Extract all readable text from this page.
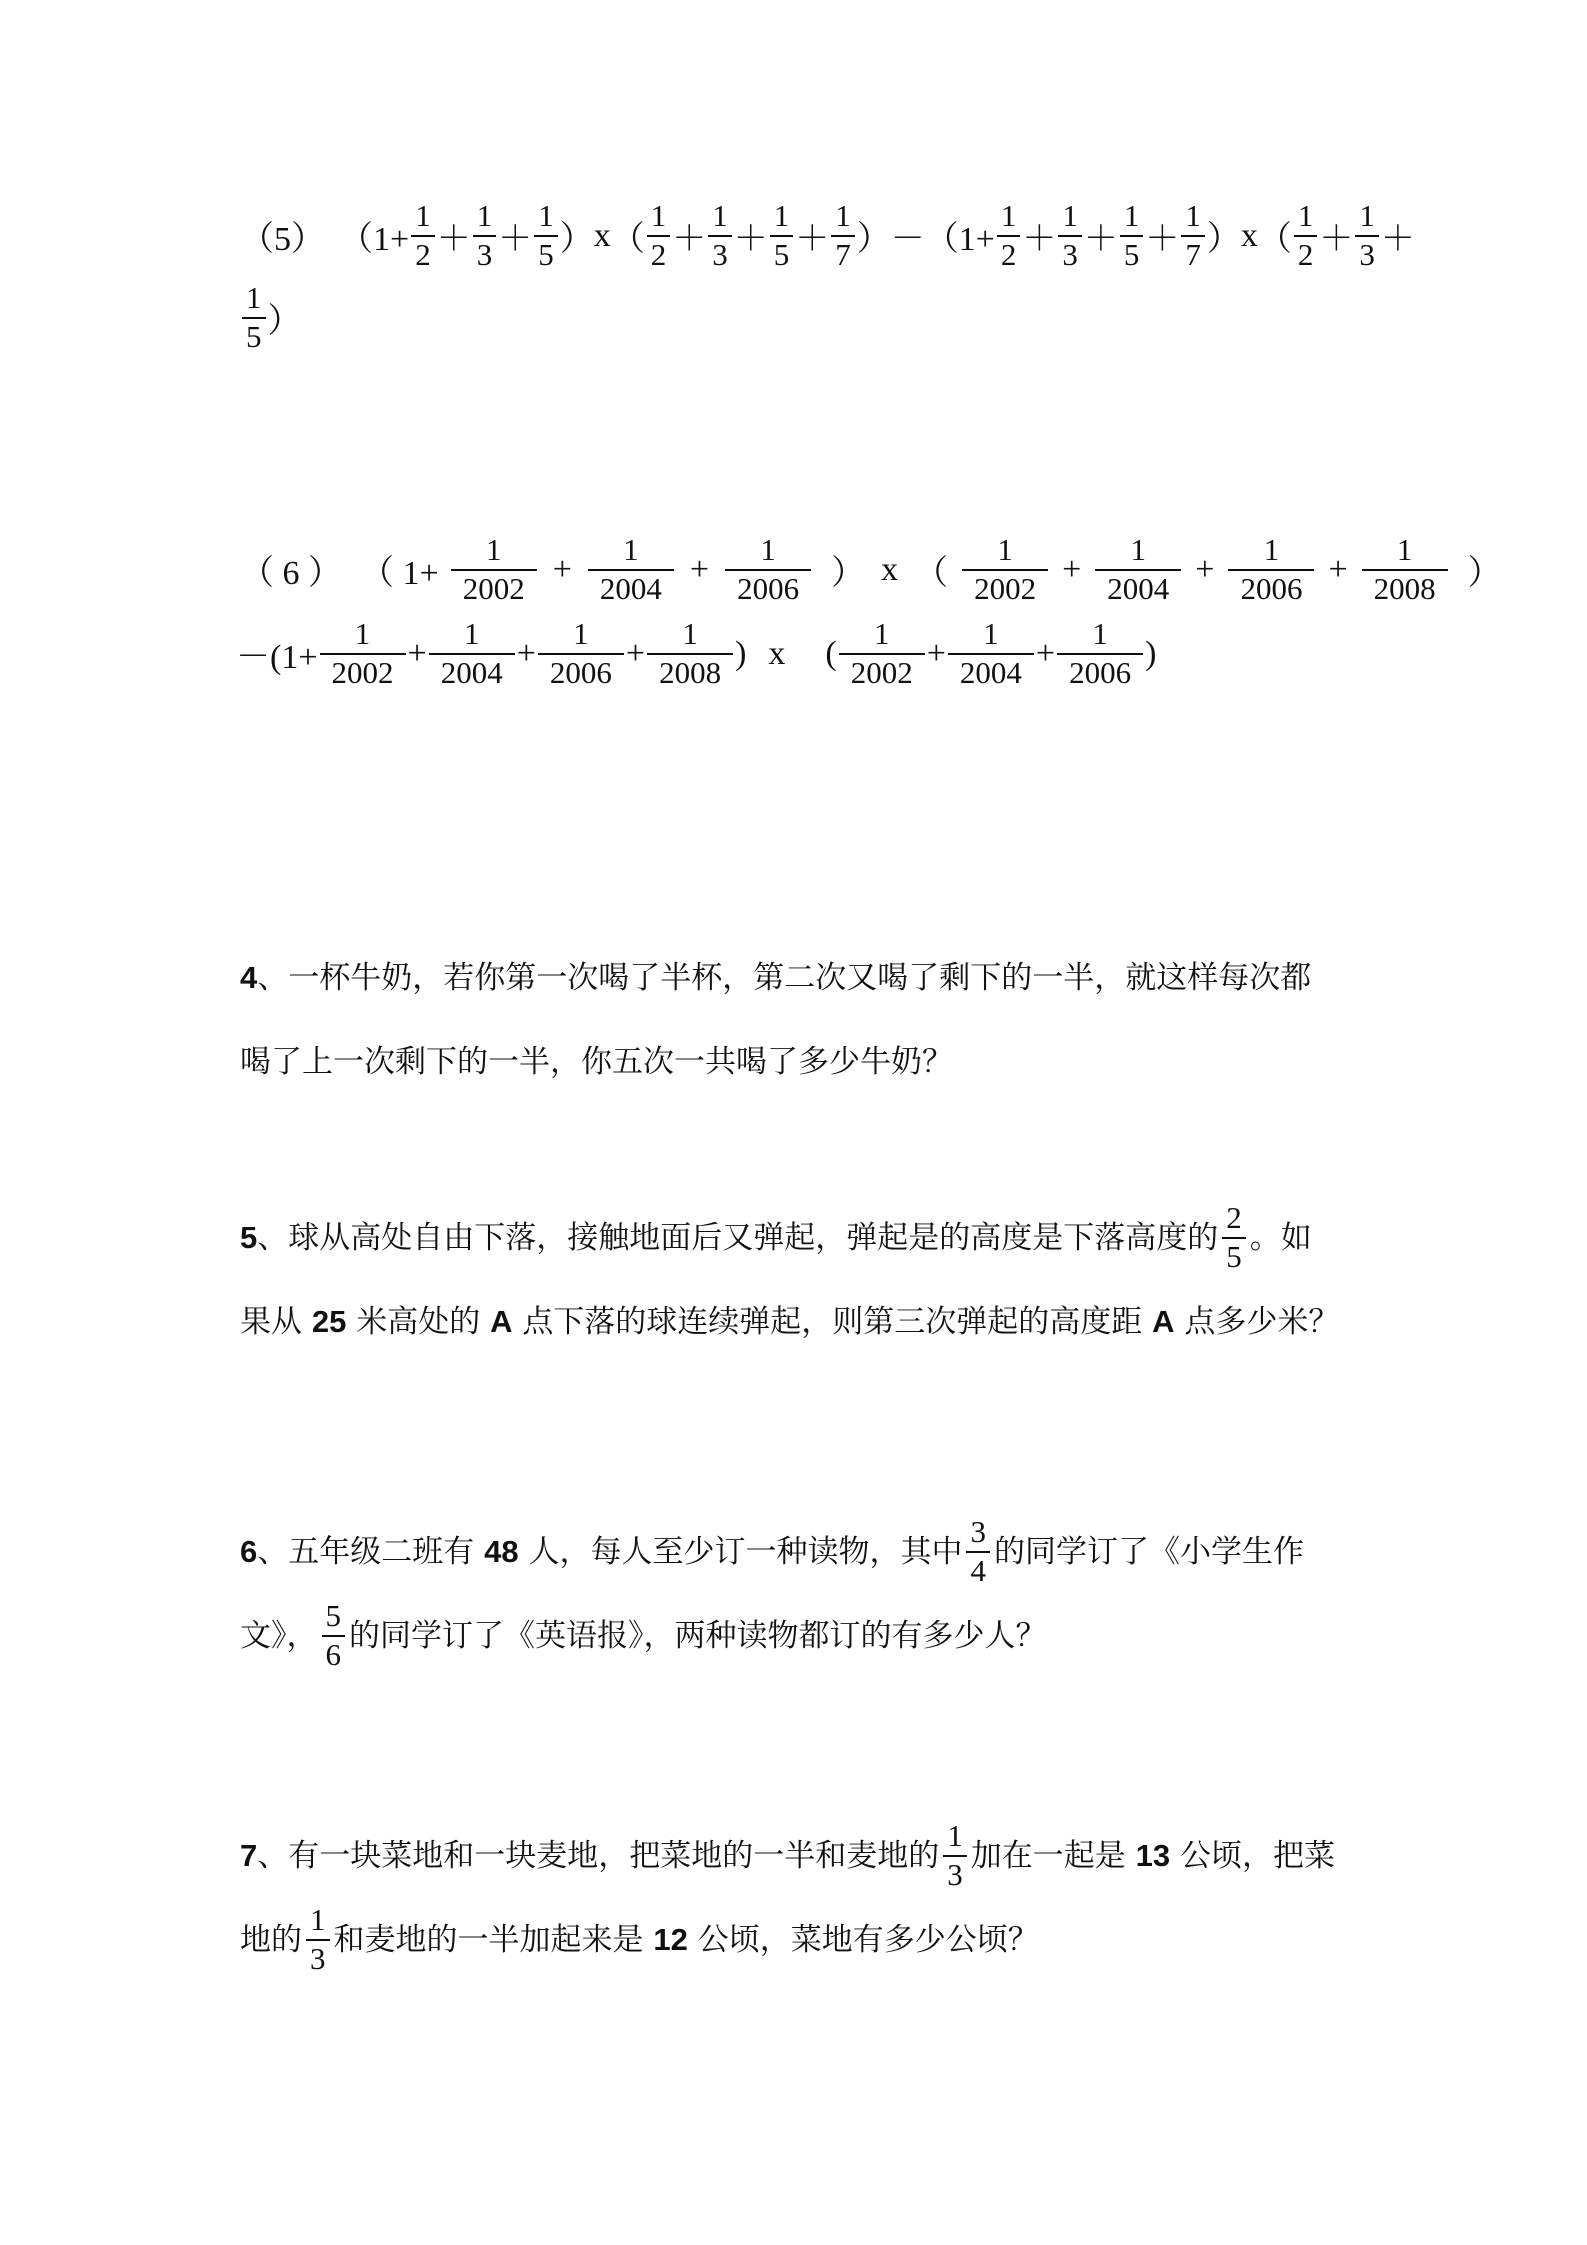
（5） （$1+ \frac{1}{2} + \frac{1}{3} + \frac{1}{5}$ ） x （ $\frac{1}{2} + \frac{1}{3} + \frac{1}{5} + \frac{1}{7}$ ） － （$1+ \frac{1}{2} + \frac{1}{3} + \frac{1}{5} + \frac{1}{7}$ ） x （ $\frac{1}{2} + \frac{1}{3}$ ＋
$\frac{1}{5}$ ）
（ 6 ） （ $1+ \frac{1}{2002} + \frac{1}{2004} + \frac{1}{2006}$ ） x （ $\frac{1}{2002} + \frac{1}{2004} + \frac{1}{2006} + \frac{1}{2008}$ ）
$-(1+ \frac{1}{2002} + \frac{1}{2004} + \frac{1}{2006} + \frac{1}{2008}$ ) x ( $\frac{1}{2002} + \frac{1}{2004} + \frac{1}{2006}$ )
4 、一杯牛奶，若你第一次喝了半杯，第二次又喝了剩下的一半，就这样每次都
喝了上一次剩下的一半，你五次一共喝了多少牛奶？
5 、球从高处自由下落，接触地面后又弹起，弹起是的高度是下落高度的 $\frac{2}{5}$ 。如
果从
25
米高处的
A
点下落的球连续弹起，则第三次弹起的高度距
A
点多少米？
6 、五年级二班有
48
人，每人至少订一种读物，其中 $\frac{3}{4}$ 的同学订了《小学生作
文》， $\frac{5}{6}$ 的同学订了《英语报》，两种读物都订的有多少人？
7 、有一块菜地和一块麦地，把菜地的一半和麦地的 $\frac{1}{3}$ 加在一起是
13
公顷，把菜
地的 $\frac{1}{3}$ 和麦地的一半加起来是
12
公顷，菜地有多少公顷？
